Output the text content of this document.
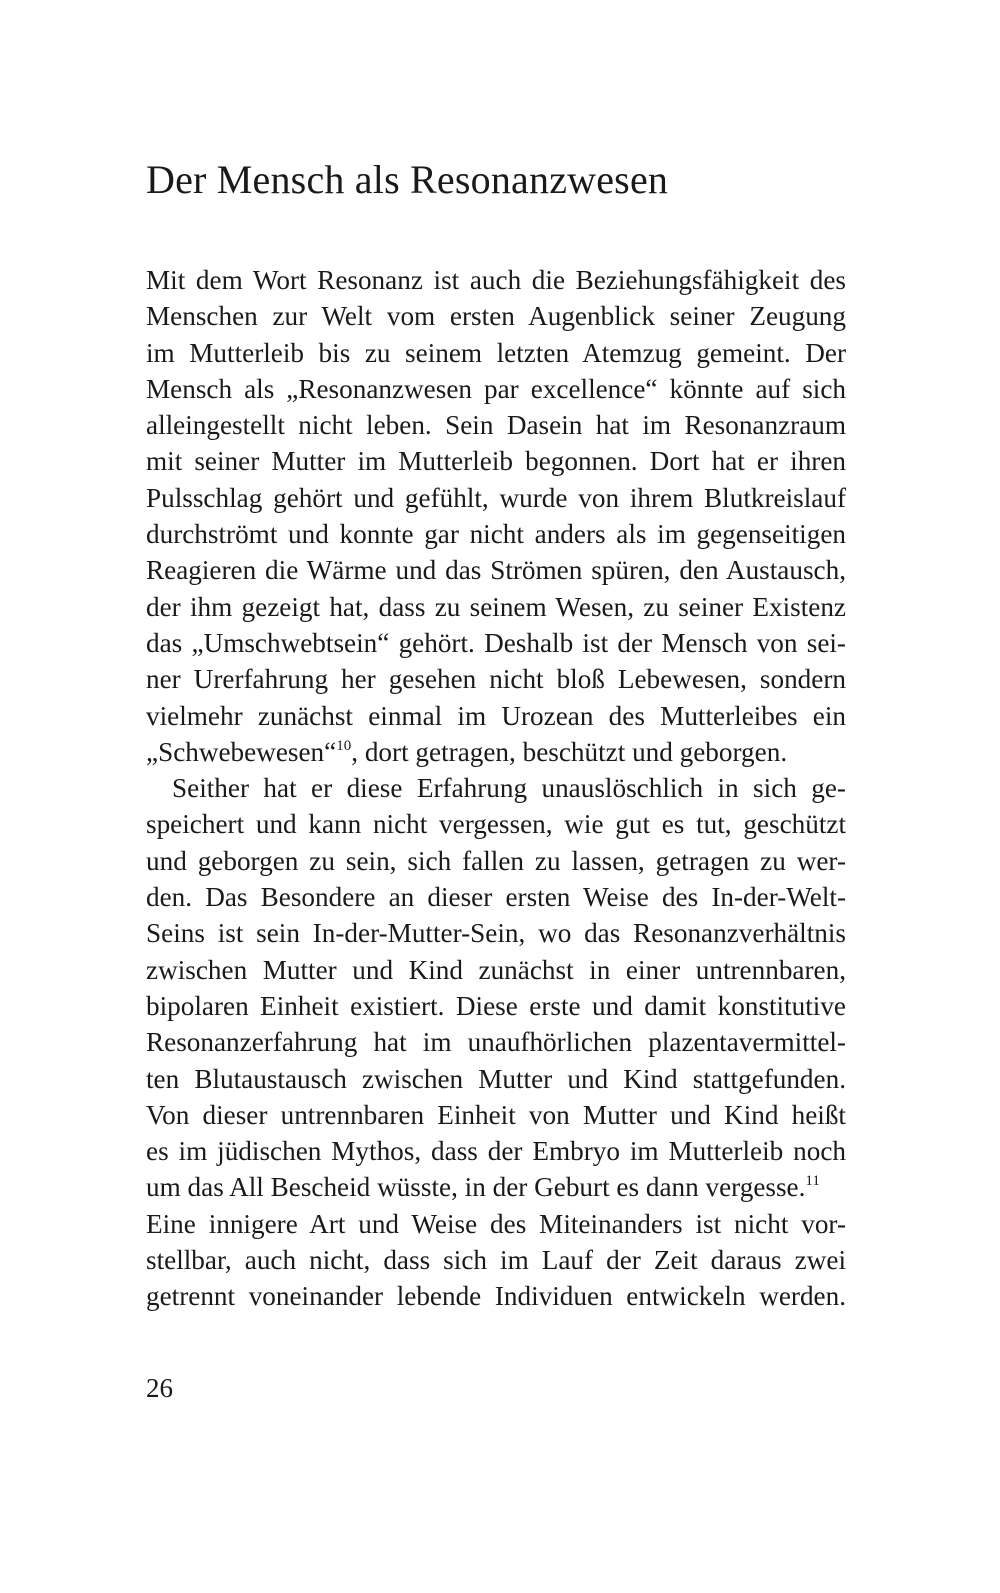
Der Mensch als Resonanzwesen
Mit dem Wort Resonanz ist auch die Beziehungsfähigkeit des
Menschen zur Welt vom ersten Augenblick seiner Zeugung
im Mutterleib bis zu seinem letzten Atemzug gemeint. Der
Mensch als „Resonanzwesen par excellence“ könnte auf sich
alleingestellt nicht leben. Sein Dasein hat im Resonanzraum
mit seiner Mutter im Mutterleib begonnen. Dort hat er ihren
Pulsschlag gehört und gefühlt, wurde von ihrem Blutkreislauf
durchströmt und konnte gar nicht anders als im gegenseitigen
Reagieren die Wärme und das Strömen spüren, den Austausch,
der ihm gezeigt hat, dass zu seinem Wesen, zu seiner Existenz
das „Umschwebtsein“ gehört. Deshalb ist der Mensch von sei-
ner Urerfahrung her gesehen nicht bloß Lebewesen, sondern
vielmehr zunächst einmal im Urozean des Mutterleibes ein
„Schwebewesen“$^{10}$, dort getragen, beschützt und geborgen.
Seither hat er diese Erfahrung unauslöschlich in sich ge-
speichert und kann nicht vergessen, wie gut es tut, geschützt
und geborgen zu sein, sich fallen zu lassen, getragen zu wer-
den. Das Besondere an dieser ersten Weise des In-der-Welt-
Seins ist sein In-der-Mutter-Sein, wo das Resonanzverhältnis
zwischen Mutter und Kind zunächst in einer untrennbaren,
bipolaren Einheit existiert. Diese erste und damit konstitutive
Resonanzerfahrung hat im unaufhörlichen plazentavermittel-
ten Blutaustausch zwischen Mutter und Kind stattgefunden.
Von dieser untrennbaren Einheit von Mutter und Kind heißt
es im jüdischen Mythos, dass der Embryo im Mutterleib noch
um das All Bescheid wüsste, in der Geburt es dann vergesse.$^{11}$
Eine innigere Art und Weise des Miteinanders ist nicht vor-
stellbar, auch nicht, dass sich im Lauf der Zeit daraus zwei
getrennt voneinander lebende Individuen entwickeln werden.
26
